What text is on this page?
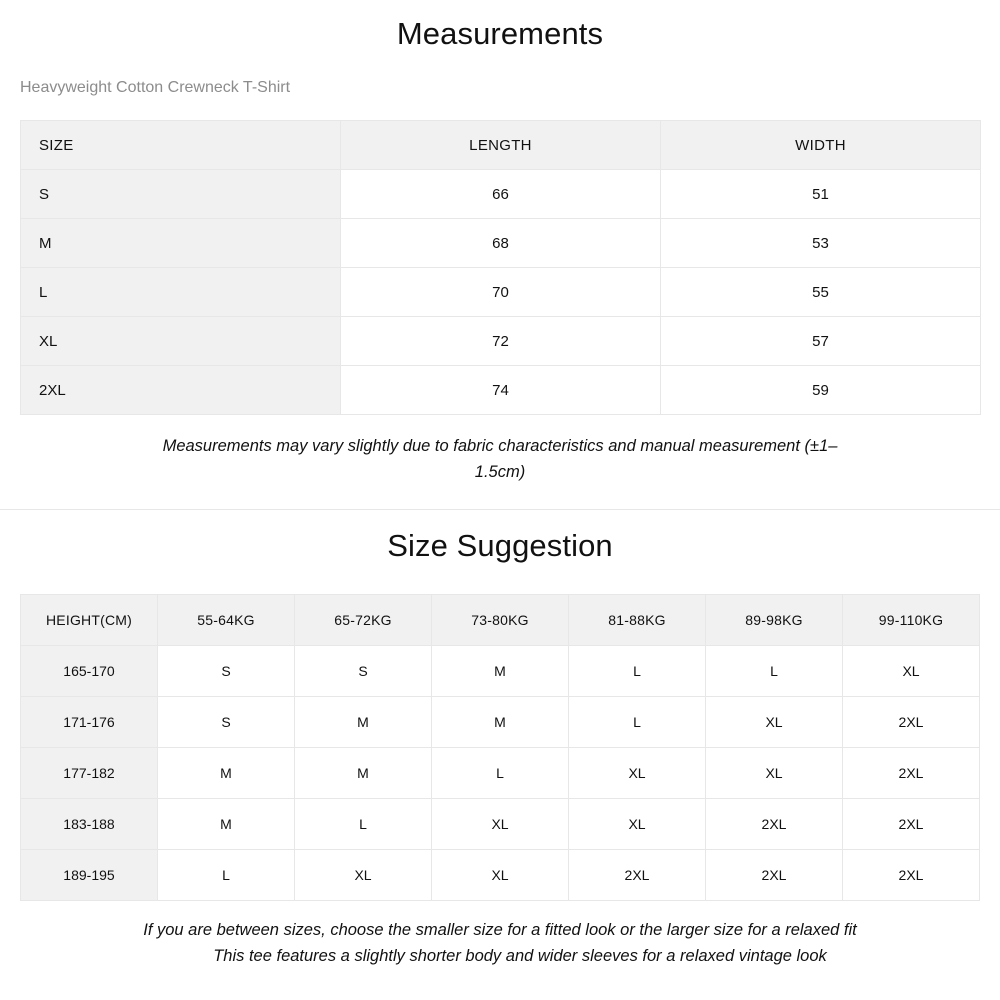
Measurements
Heavyweight Cotton Crewneck T-Shirt
SIZE	LENGTH	WIDTH
S	66	51
M	68	53
L	70	55
XL	72	57
2XL	74	59
Measurements may vary slightly due to fabric characteristics and manual measurement (±1–1.5cm)
Size Suggestion
HEIGHT(CM)	55-64KG	65-72KG	73-80KG	81-88KG	89-98KG	99-110KG
165-170	S	S	M	L	L	XL
171-176	S	M	M	L	XL	2XL
177-182	M	M	L	XL	XL	2XL
183-188	M	L	XL	XL	2XL	2XL
189-195	L	XL	XL	2XL	2XL	2XL
If you are between sizes, choose the smaller size for a fitted look or the larger size for a relaxed fit
This tee features a slightly shorter body and wider sleeves for a relaxed vintage look
